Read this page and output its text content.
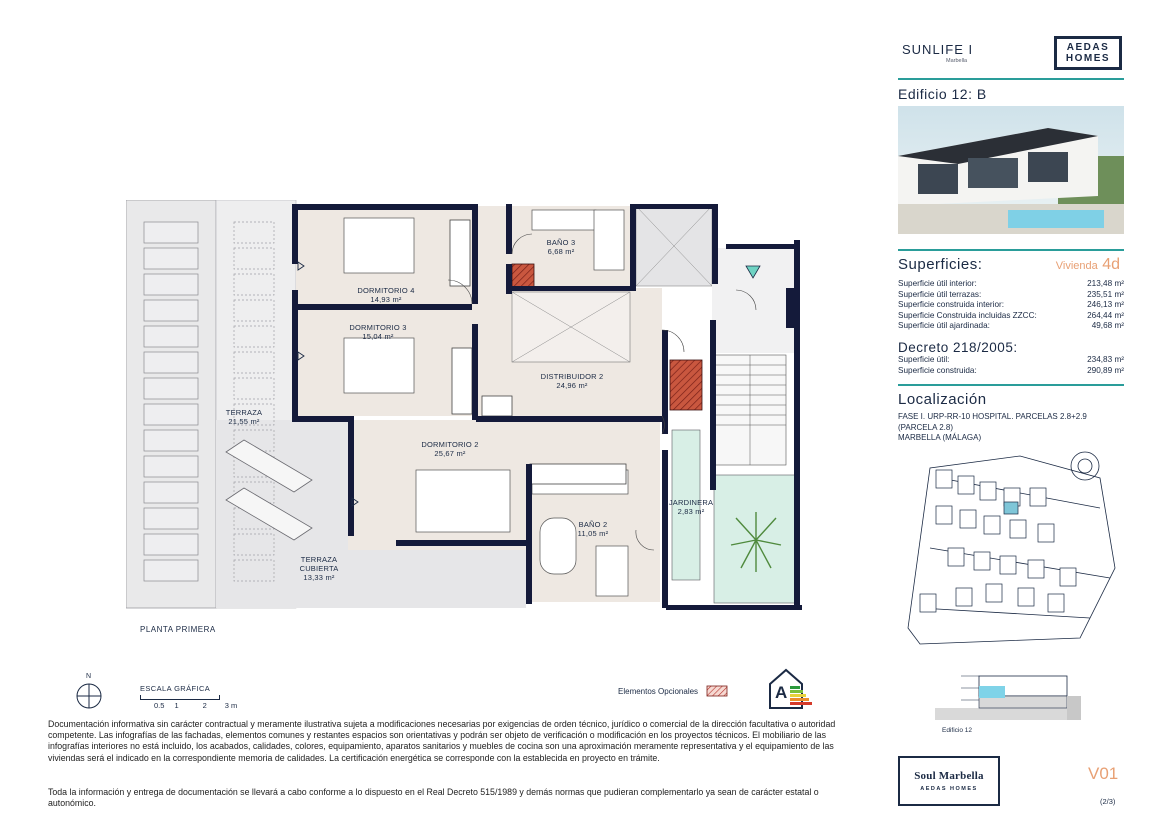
DORMITORIO 4
14,93 m²
DORMITORIO 3
15,04 m²
BAÑO 3
6,68 m²
DISTRIBUIDOR 2
24,96 m²
DORMITORIO 2
25,67 m²
BAÑO 2
11,05 m²
JARDINERA
2,83 m²
TERRAZA
21,55 m²
TERRAZA CUBIERTA
13,33 m²
PLANTA PRIMERA
N
ESCALA GRÁFICA
0.5 1	2 3 m
Elementos Opcionales	A
Documentación informativa sin carácter contractual y meramente ilustrativa sujeta a modificaciones necesarias por exigencias de orden técnico, jurídico o comercial de la dirección facultativa o autoridad competente. Las infografías de las fachadas, elementos comunes y restantes espacios son orientativas y podrán ser objeto de verificación o modificación en los proyectos técnicos. El mobiliario de las infografías interiores no está incluido, los acabados, calidades, colores, equipamiento, aparatos sanitarios y muebles de cocina son una aproximación meramente representativa y el equipamiento de las viviendas será el indicado en la correspondiente memoria de calidades. La certificación energética se corresponde con la establecida en proyecto en trámite.
Toda la información y entrega de documentación se llevará a cabo conforme a lo dispuesto en el Real Decreto 515/1989 y demás normas que pudieran complementarlo ya sean de carácter estatal o autonómico.
SUNLIFE I
Marbella
AEDAS
HOMES
Edificio 12: B
Superficies:	Vivienda 4d
Superficie útil interior:	213,48 m²
Superficie útil terrazas:	235,51 m²
Superficie construida interior:	246,13 m²
Superficie Construida incluidas ZZCC:	264,44 m²
Superficie útil ajardinada:	49,68 m²
Decreto 218/2005:
Superficie útil:	234,83 m²
Superficie construida:	290,89 m²
Localización
FASE I. URP-RR-10 HOSPITAL. PARCELAS 2.8+2.9
(PARCELA 2.8)
MARBELLA (MÁLAGA)
Edificio 12
Soul Marbella
AEDAS HOMES
V01
(2/3)
